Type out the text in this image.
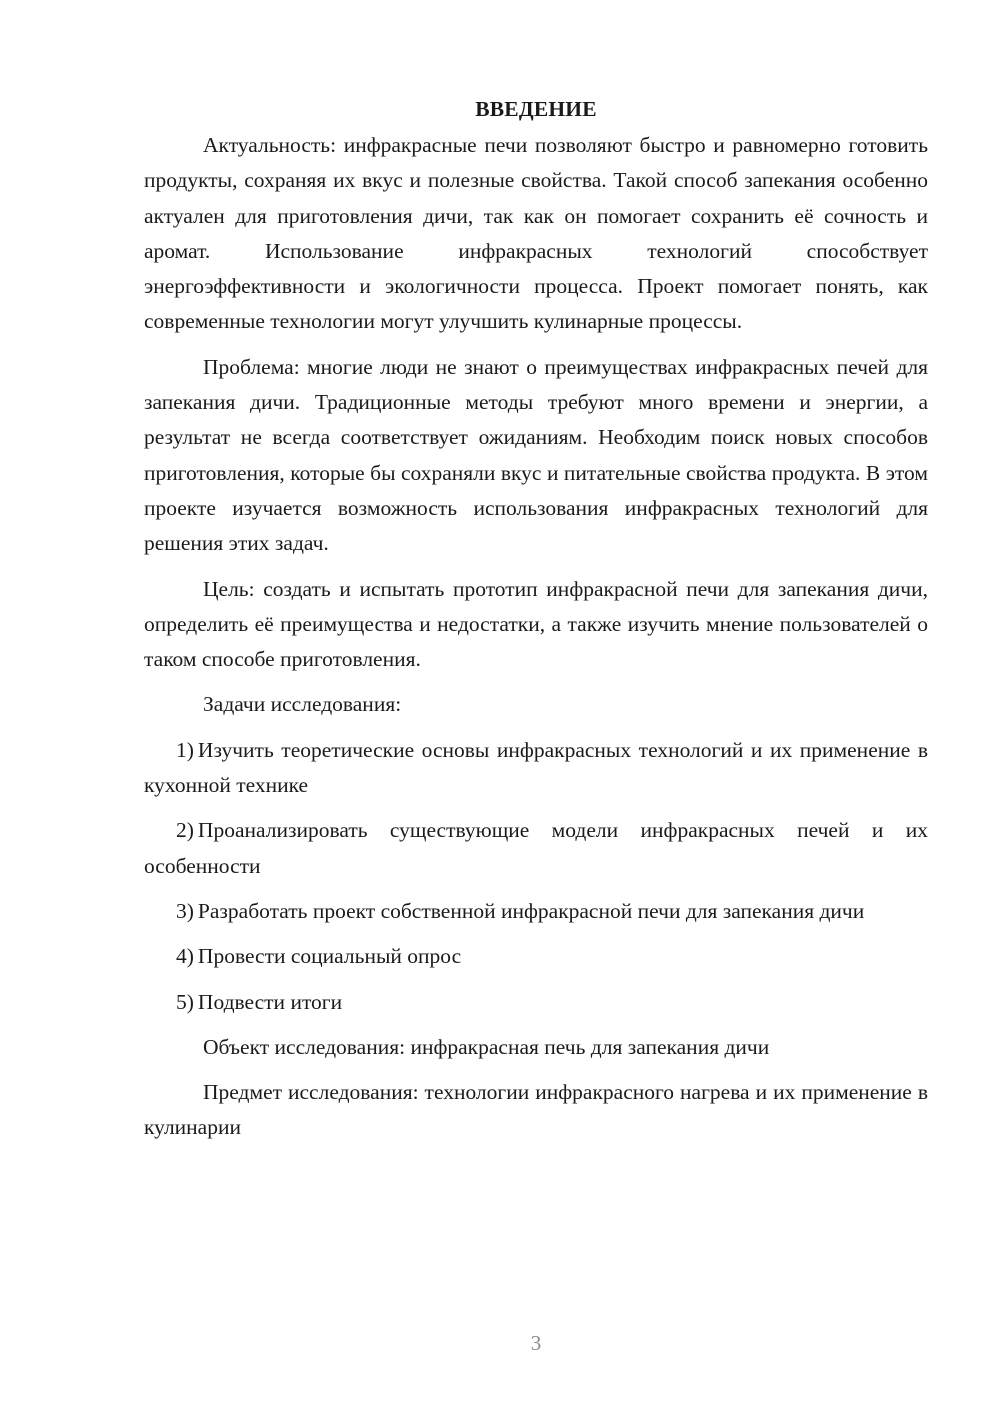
ВВЕДЕНИЕ

Актуальность: инфракрасные печи позволяют быстро и равномерно готовить продукты, сохраняя их вкус и полезные свойства. Такой способ запекания особенно актуален для приготовления дичи, так как он помогает сохранить её сочность и аромат. Использование инфракрасных технологий способствует энергоэффективности и экологичности процесса. Проект помогает понять, как современные технологии могут улучшить кулинарные процессы.

Проблема: многие люди не знают о преимуществах инфракрасных печей для запекания дичи. Традиционные методы требуют много времени и энергии, а результат не всегда соответствует ожиданиям. Необходим поиск новых способов приготовления, которые бы сохраняли вкус и питательные свойства продукта. В этом проекте изучается возможность использования инфракрасных технологий для решения этих задач.

Цель: создать и испытать прототип инфракрасной печи для запекания дичи, определить её преимущества и недостатки, а также изучить мнение пользователей о таком способе приготовления.

Задачи исследования:

1) Изучить теоретические основы инфракрасных технологий и их применение в кухонной технике

2) Проанализировать существующие модели инфракрасных печей и их особенности

3) Разработать проект собственной инфракрасной печи для запекания дичи

4) Провести социальный опрос

5) Подвести итоги

Объект исследования: инфракрасная печь для запекания дичи

Предмет исследования: технологии инфракрасного нагрева и их применение в кулинарии

3
